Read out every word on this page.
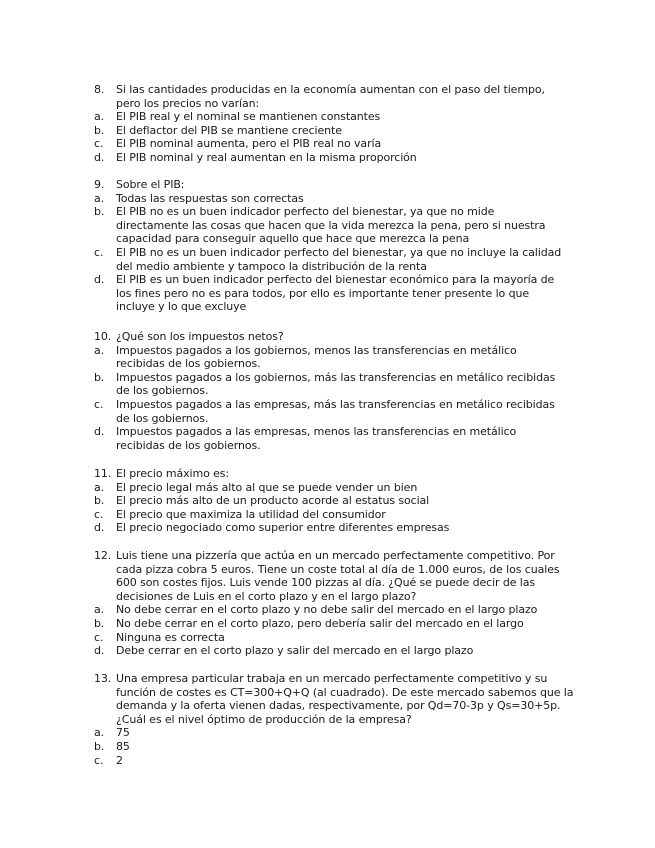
8. Si las cantidades producidas en la economía aumentan con el paso del tiempo,
pero los precios no varían:
a. El PIB real y el nominal se mantienen constantes
b. El deflactor del PIB se mantiene creciente
c. El PIB nominal aumenta, pero el PIB real no varía
d. El PIB nominal y real aumentan en la misma proporción
9. Sobre el PIB:
a. Todas las respuestas son correctas
b. El PIB no es un buen indicador perfecto del bienestar, ya que no mide
directamente las cosas que hacen que la vida merezca la pena, pero si nuestra
capacidad para conseguir aquello que hace que merezca la pena
c. El PIB no es un buen indicador perfecto del bienestar, ya que no incluye la calidad
del medio ambiente y tampoco la distribución de la renta
d. El PIB es un buen indicador perfecto del bienestar económico para la mayoría de
los fines pero no es para todos, por ello es importante tener presente lo que
incluye y lo que excluye
10. ¿Qué son los impuestos netos?
a. Impuestos pagados a los gobiernos, menos las transferencias en metálico
recibidas de los gobiernos.
b. Impuestos pagados a los gobiernos, más las transferencias en metálico recibidas
de los gobiernos.
c. Impuestos pagados a las empresas, más las transferencias en metálico recibidas
de los gobiernos.
d. Impuestos pagados a las empresas, menos las transferencias en metálico
recibidas de los gobiernos.
11. El precio máximo es:
a. El precio legal más alto al que se puede vender un bien
b. El precio más alto de un producto acorde al estatus social
c. El precio que maximiza la utilidad del consumidor
d. El precio negociado como superior entre diferentes empresas
12. Luis tiene una pizzería que actúa en un mercado perfectamente competitivo. Por
cada pizza cobra 5 euros. Tiene un coste total al día de 1.000 euros, de los cuales
600 son costes fijos. Luis vende 100 pizzas al día. ¿Qué se puede decir de las
decisiones de Luis en el corto plazo y en el largo plazo?
a. No debe cerrar en el corto plazo y no debe salir del mercado en el largo plazo
b. No debe cerrar en el corto plazo, pero debería salir del mercado en el largo
c. Ninguna es correcta
d. Debe cerrar en el corto plazo y salir del mercado en el largo plazo
13. Una empresa particular trabaja en un mercado perfectamente competitivo y su
función de costes es CT=300+Q+Q (al cuadrado). De este mercado sabemos que la
demanda y la oferta vienen dadas, respectivamente, por Qd=70-3p y Qs=30+5p.
¿Cuál es el nivel óptimo de producción de la empresa?
a. 75
b. 85
c. 2
